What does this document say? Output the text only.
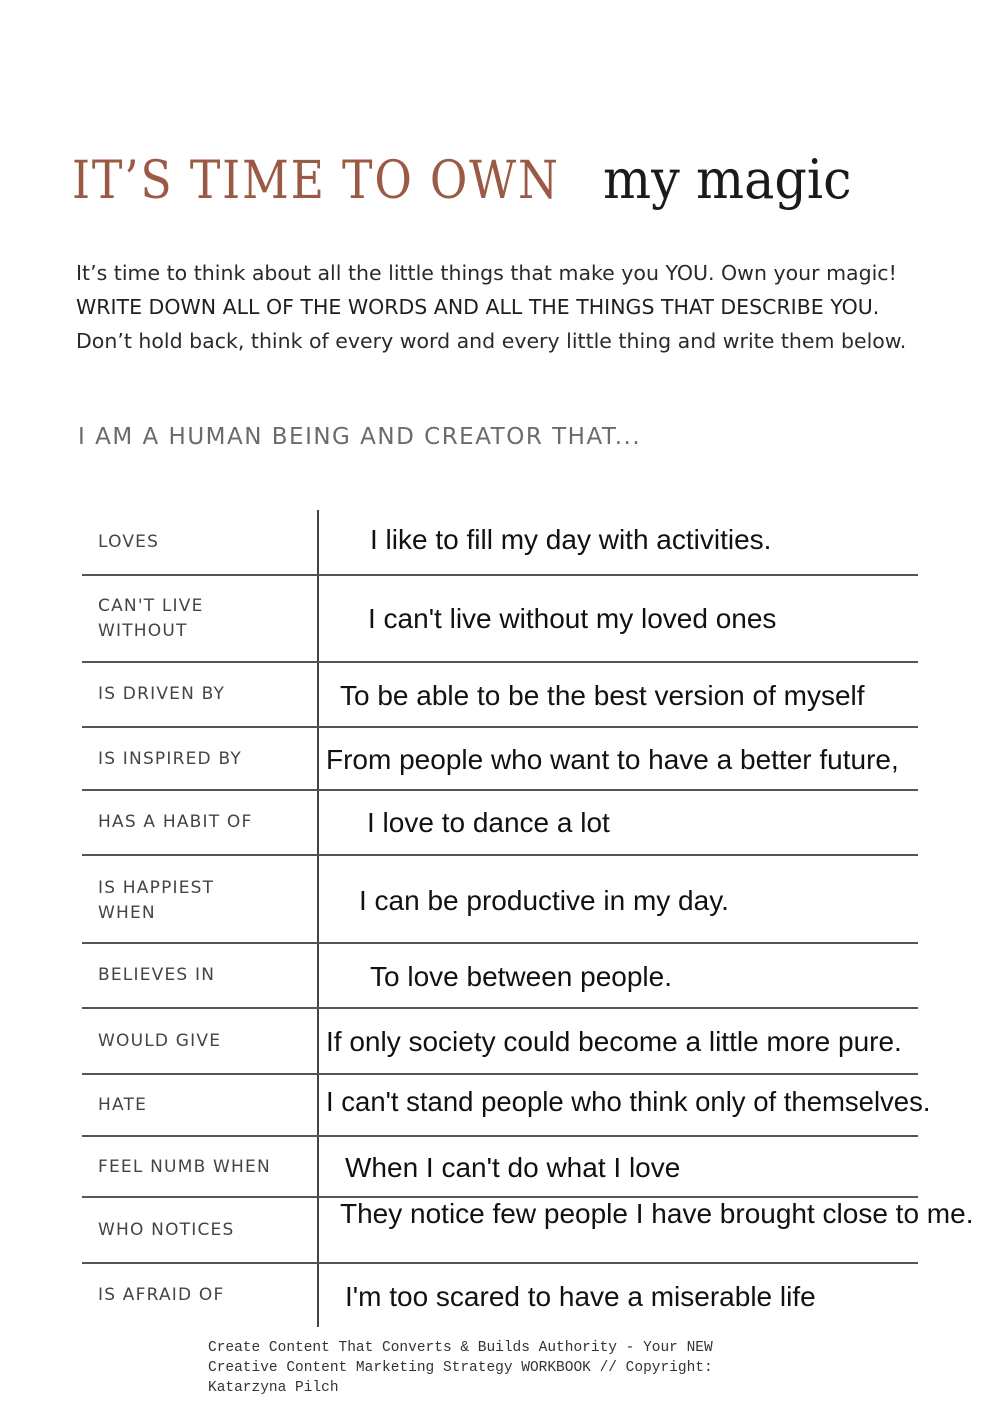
IT’S TIME TO OWN my magic
It’s time to think about all the little things that make you YOU. Own your magic! WRITE DOWN ALL OF THE WORDS AND ALL THE THINGS THAT DESCRIBE YOU. Don’t hold back, think of every word and every little thing and write them below.
I AM A HUMAN BEING AND CREATOR THAT...
LOVES
CAN'T LIVE WITHOUT
IS DRIVEN BY
IS INSPIRED BY
HAS A HABIT OF
IS HAPPIEST WHEN
BELIEVES IN
WOULD GIVE
HATE
FEEL NUMB WHEN
WHO NOTICES
IS AFRAID OF
I like to fill my day with activities.
I can't live without my loved ones
To be able to be the best version of myself
From people who want to have a better future,
I love to dance a lot
I can be productive in my day.
To love between people.
If only society could become a little more pure.
I can't stand people who think only of themselves.
When I can't do what I love
They notice few people I have brought close to me.
I'm too scared to have a miserable life
Create Content That Converts & Builds Authority - Your NEW Creative Content Marketing Strategy WORKBOOK // Copyright: Katarzyna Pilch
